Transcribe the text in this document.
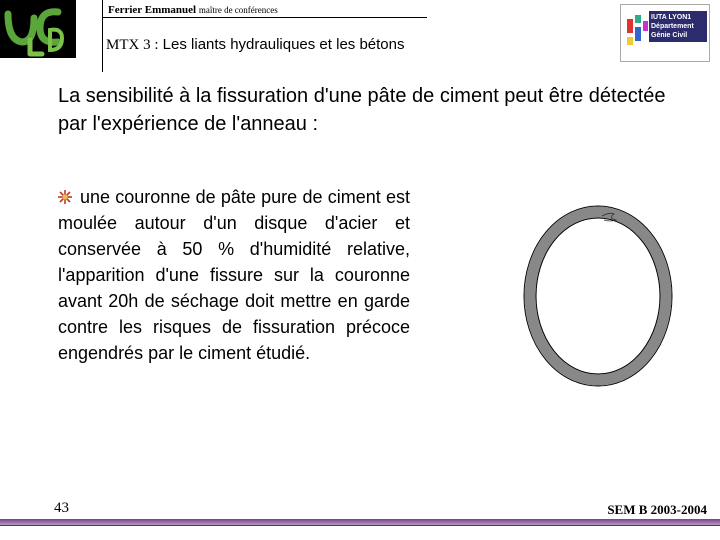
UCBL	Ferrier Emmanuel maître de conférences
MTX 3 : Les liants hydrauliques et les bétons
IUTA LYON1
Département
Génie Civil
La sensibilité à la fissuration d'une pâte de ciment peut être détectée par l'expérience de l'anneau :
une couronne de pâte pure de ciment est moulée autour d'un disque d'acier et conservée à 50 % d'humidité relative, l'apparition d'une fissure sur la couronne avant 20h de séchage doit mettre en garde contre les risques de fissuration précoce engendrés par le ciment étudié.
43	SEM B 2003-2004
